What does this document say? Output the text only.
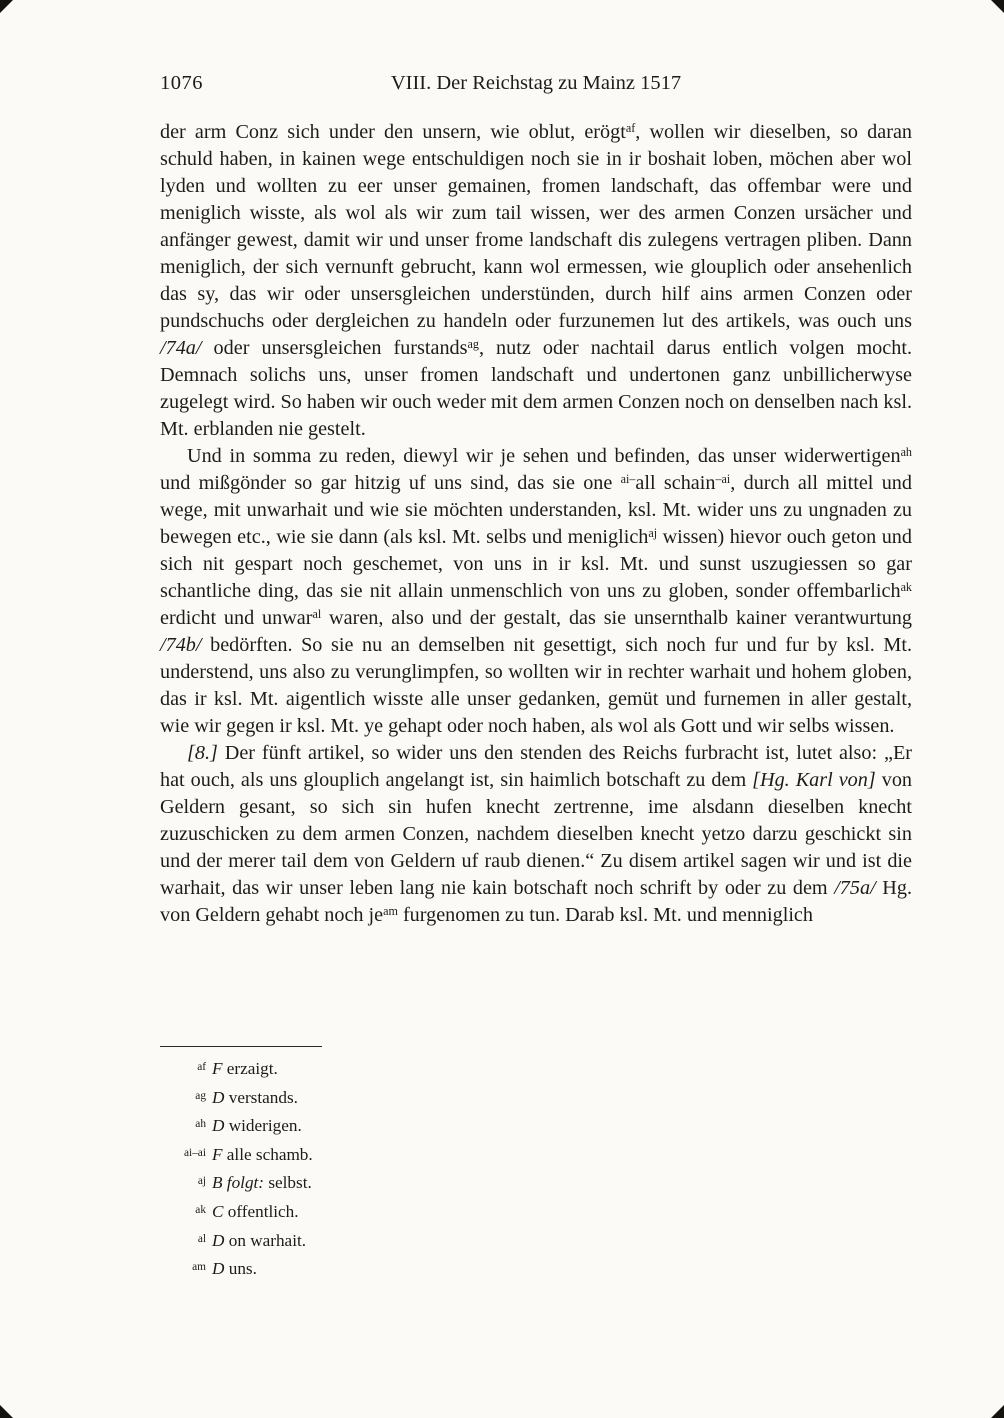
1076	VIII. Der Reichstag zu Mainz 1517

der arm Conz sich under den unsern, wie oblut, erögt$^{af}$, wollen wir dieselben, so daran schuld haben, in kainen wege entschuldigen noch sie in ir boshait loben, möchen aber wol lyden und wollten zu eer unser gemainen, fromen landschaft, das offembar were und meniglich wisste, als wol als wir zum tail wissen, wer des armen Conzen ursächer und anfänger gewest, damit wir und unser frome landschaft dis zulegens vertragen pliben. Dann meniglich, der sich vernunft gebrucht, kann wol ermessen, wie glouplich oder ansehenlich das sy, das wir oder unsersgleichen understünden, durch hilf ains armen Conzen oder pundschuchs oder dergleichen zu handeln oder furzunemen lut des artikels, was ouch uns /74a/ oder unsersgleichen furstands$^{ag}$, nutz oder nachtail darus entlich volgen mocht. Demnach solichs uns, unser fromen landschaft und undertonen ganz unbillicherwyse zugelegt wird. So haben wir ouch weder mit dem armen Conzen noch on denselben nach ksl. Mt. erblanden nie gestelt.

Und in somma zu reden, diewyl wir je sehen und befinden, das unser widerwertigen$^{ah}$ und mißgönder so gar hitzig uf uns sind, das sie one $^{ai-}$all schain$^{-ai}$, durch all mittel und wege, mit unwarhait und wie sie möchten understanden, ksl. Mt. wider uns zu ungnaden zu bewegen etc., wie sie dann (als ksl. Mt. selbs und meniglich$^{aj}$ wissen) hievor ouch geton und sich nit gespart noch geschemet, von uns in ir ksl. Mt. und sunst uszugiessen so gar schantliche ding, das sie nit allain unmenschlich von uns zu globen, sonder offembarlich$^{ak}$ erdicht und unwar$^{al}$ waren, also und der gestalt, das sie unsernthalb kainer verantwurtung /74b/ bedörften. So sie nu an demselben nit gesettigt, sich noch fur und fur by ksl. Mt. understend, uns also zu verunglimpfen, so wollten wir in rechter warhait und hohem globen, das ir ksl. Mt. aigentlich wisste alle unser gedanken, gemüt und furnemen in aller gestalt, wie wir gegen ir ksl. Mt. ye gehapt oder noch haben, als wol als Gott und wir selbs wissen.

[8.] Der fünft artikel, so wider uns den stenden des Reichs furbracht ist, lutet also: „Er hat ouch, als uns glouplich angelangt ist, sin haimlich botschaft zu dem [Hg. Karl von] von Geldern gesant, so sich sin hufen knecht zertrenne, ime alsdann dieselben knecht zuzuschicken zu dem armen Conzen, nachdem dieselben knecht yetzo darzu geschickt sin und der merer tail dem von Geldern uf raub dienen.“ Zu disem artikel sagen wir und ist die warhait, das wir unser leben lang nie kain botschaft noch schrift by oder zu dem /75a/ Hg. von Geldern gehabt noch $je^{am}$ furgenomen zu tun. Darab ksl. Mt. und menniglich

af F erzaigt.
ag D verstands.
ah D widerigen.
ai–ai F alle schamb.
aj B folgt: selbst.
ak C offentlich.
al D on warhait.
am D uns.
